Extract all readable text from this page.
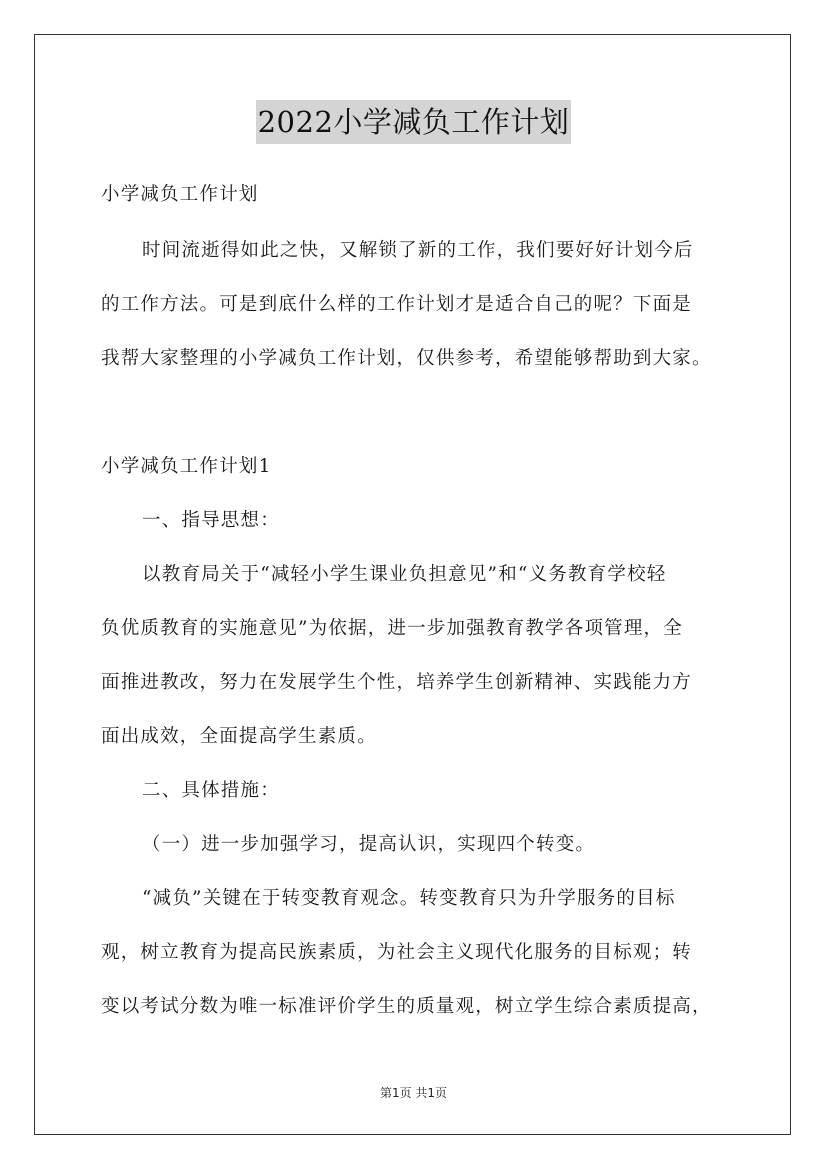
2022小学减负工作计划
小学减负工作计划
时间流逝得如此之快，又解锁了新的工作，我们要好好计划今后
的工作方法。可是到底什么样的工作计划才是适合自己的呢？下面是
我帮大家整理的小学减负工作计划，仅供参考，希望能够帮助到大家。
小学减负工作计划1
一、指导思想：
以教育局关于“减轻小学生课业负担意见”和“义务教育学校轻
负优质教育的实施意见”为依据，进一步加强教育教学各项管理，全
面推进教改，努力在发展学生个性，培养学生创新精神、实践能力方
面出成效，全面提高学生素质。
二、具体措施：
（一）进一步加强学习，提高认识，实现四个转变。
“减负”关键在于转变教育观念。转变教育只为升学服务的目标
观，树立教育为提高民族素质，为社会主义现代化服务的目标观；转
变以考试分数为唯一标准评价学生的质量观，树立学生综合素质提高，
第1页 共1页
